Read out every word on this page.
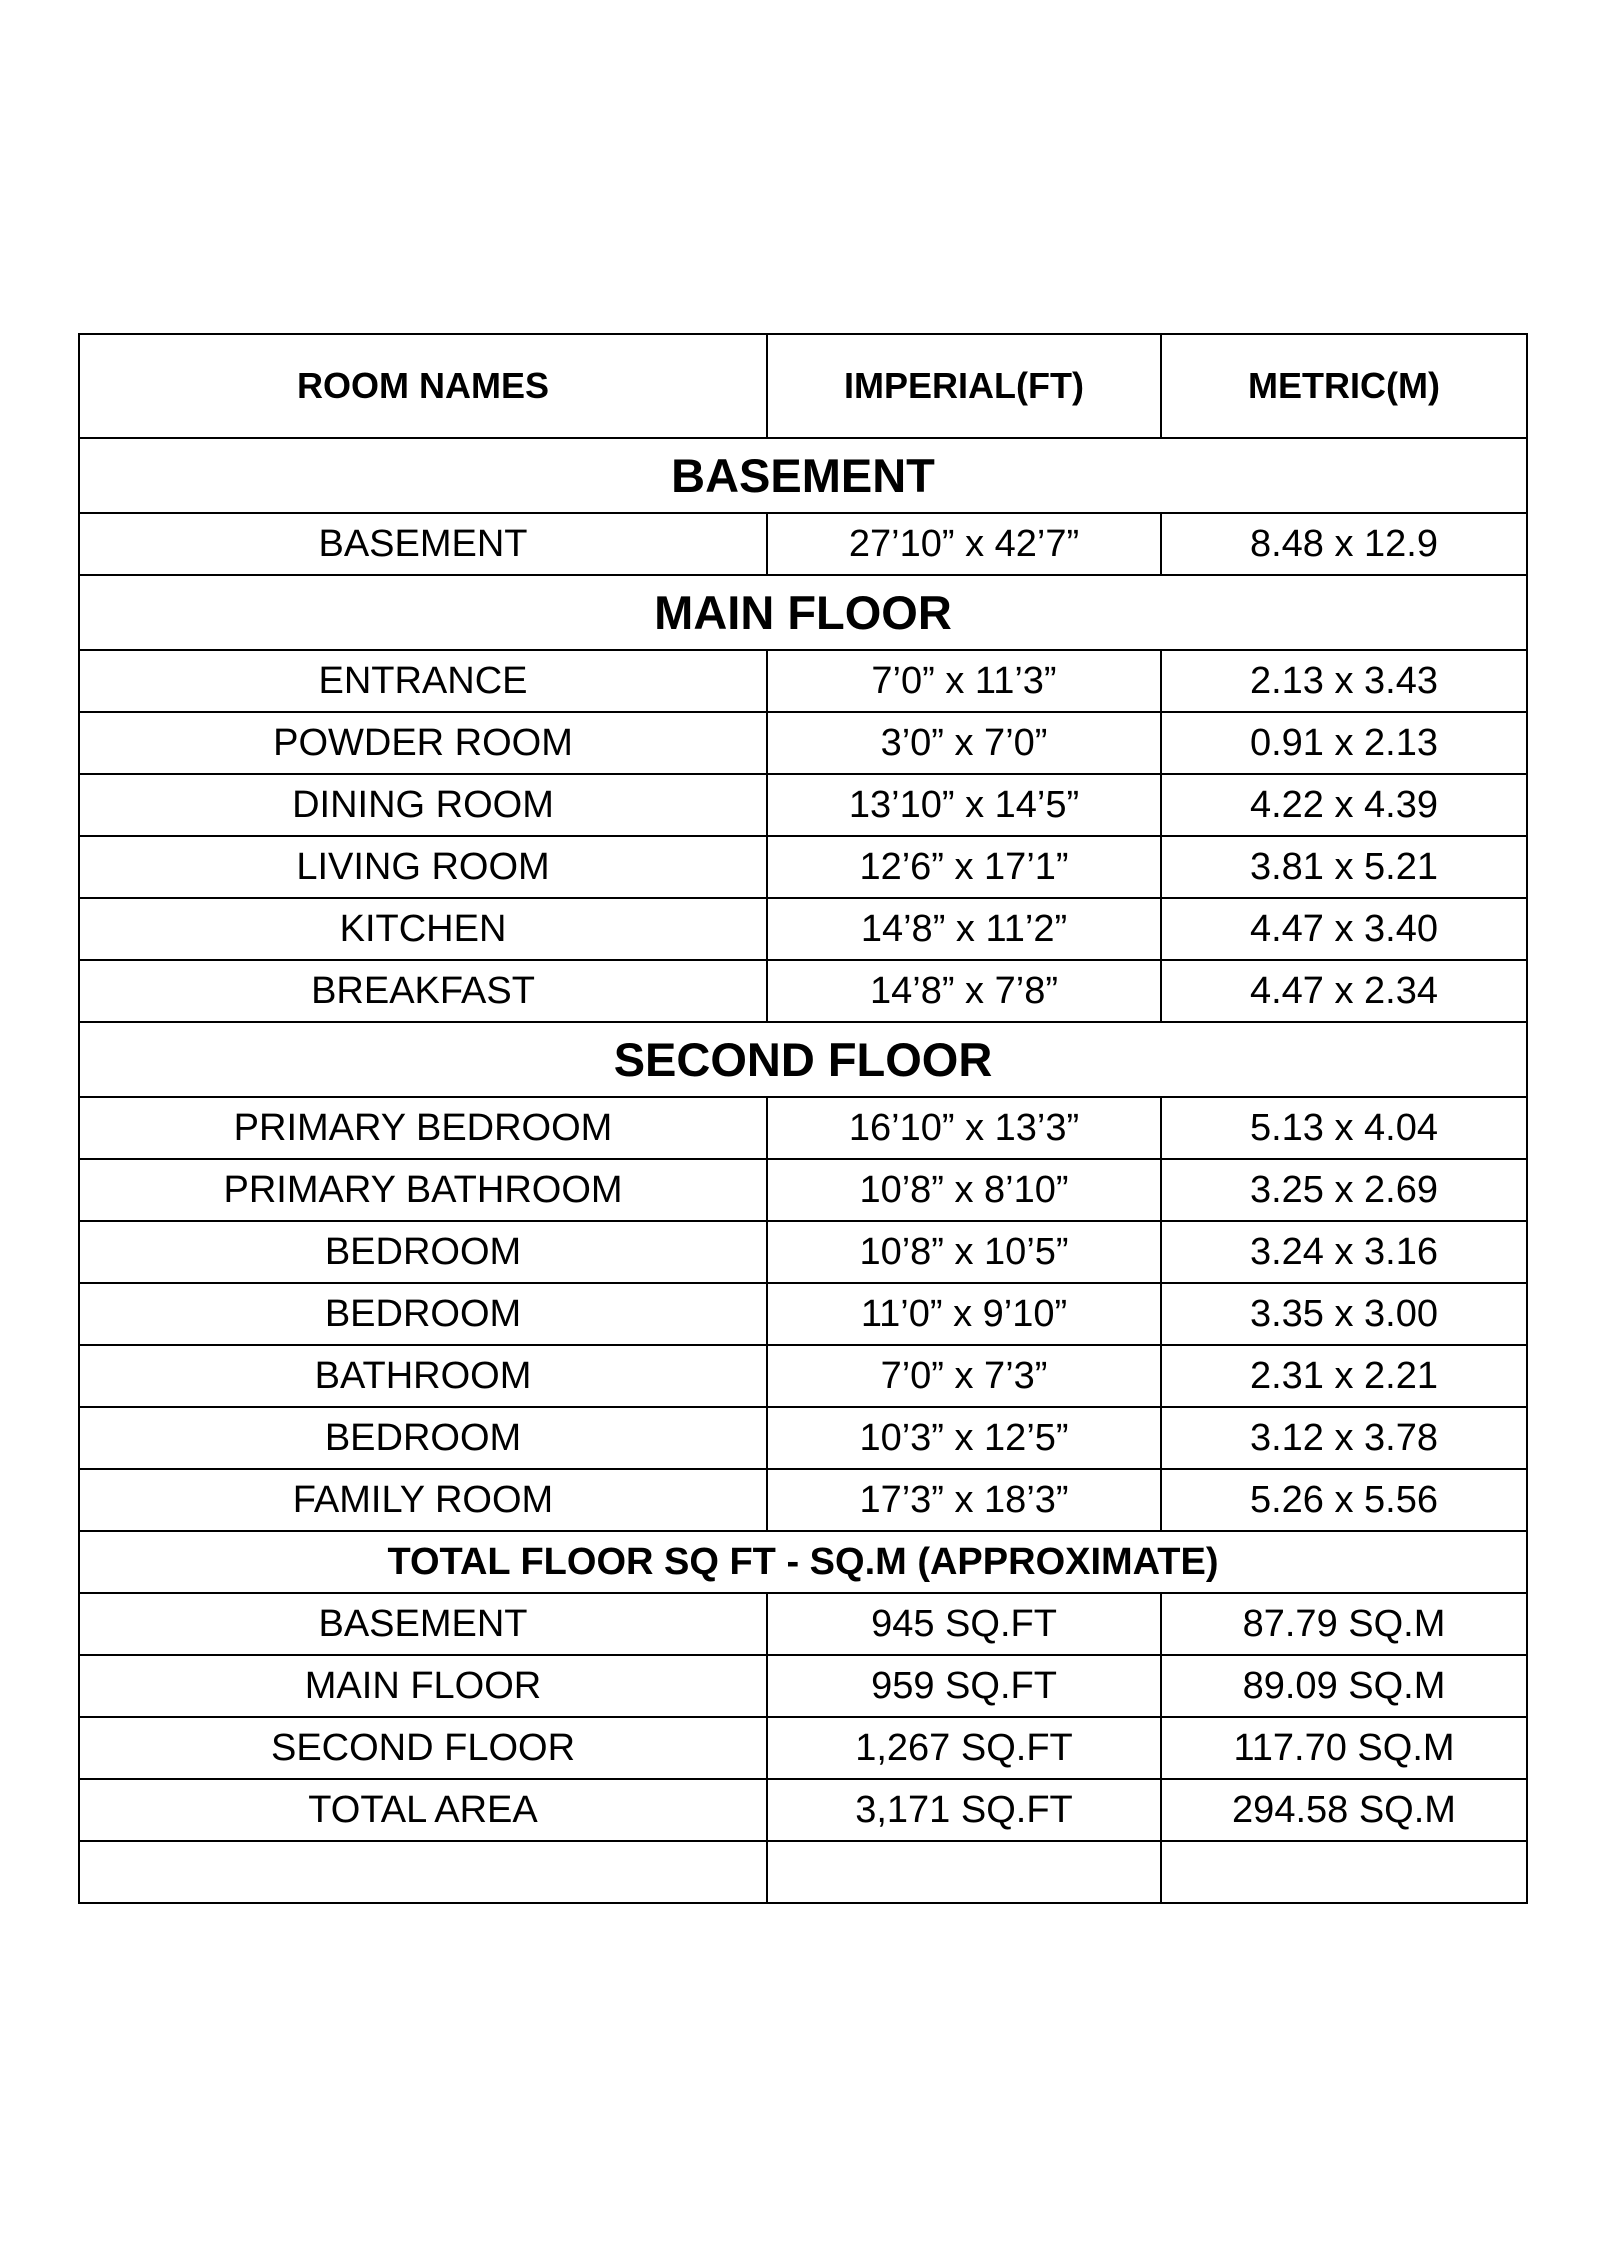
ROOM NAMES	IMPERIAL(FT)	METRIC(M)
BASEMENT		
BASEMENT	27’10” x 42’7”	8.48 x 12.9
MAIN FLOOR		
ENTRANCE	7’0” x 11’3”	2.13 x 3.43
POWDER ROOM	3’0” x 7’0”	0.91 x 2.13
DINING ROOM	13’10” x 14’5”	4.22 x 4.39
LIVING ROOM	12’6” x 17’1”	3.81 x 5.21
KITCHEN	14’8” x 11’2”	4.47 x 3.40
BREAKFAST	14’8” x 7’8”	4.47 x 2.34
SECOND FLOOR		
PRIMARY BEDROOM	16’10” x 13’3”	5.13 x 4.04
PRIMARY BATHROOM	10’8” x 8’10”	3.25 x 2.69
BEDROOM	10’8” x 10’5”	3.24 x 3.16
BEDROOM	11’0” x 9’10”	3.35 x 3.00
BATHROOM	7’0” x 7’3”	2.31 x 2.21
BEDROOM	10’3” x 12’5”	3.12 x 3.78
FAMILY ROOM	17’3” x 18’3”	5.26 x 5.56
TOTAL FLOOR SQ FT - SQ.M (APPROXIMATE)		
BASEMENT	945 SQ.FT	87.79 SQ.M
MAIN FLOOR	959 SQ.FT	89.09 SQ.M
SECOND FLOOR	1,267 SQ.FT	117.70 SQ.M
TOTAL AREA	3,171 SQ.FT	294.58 SQ.M
